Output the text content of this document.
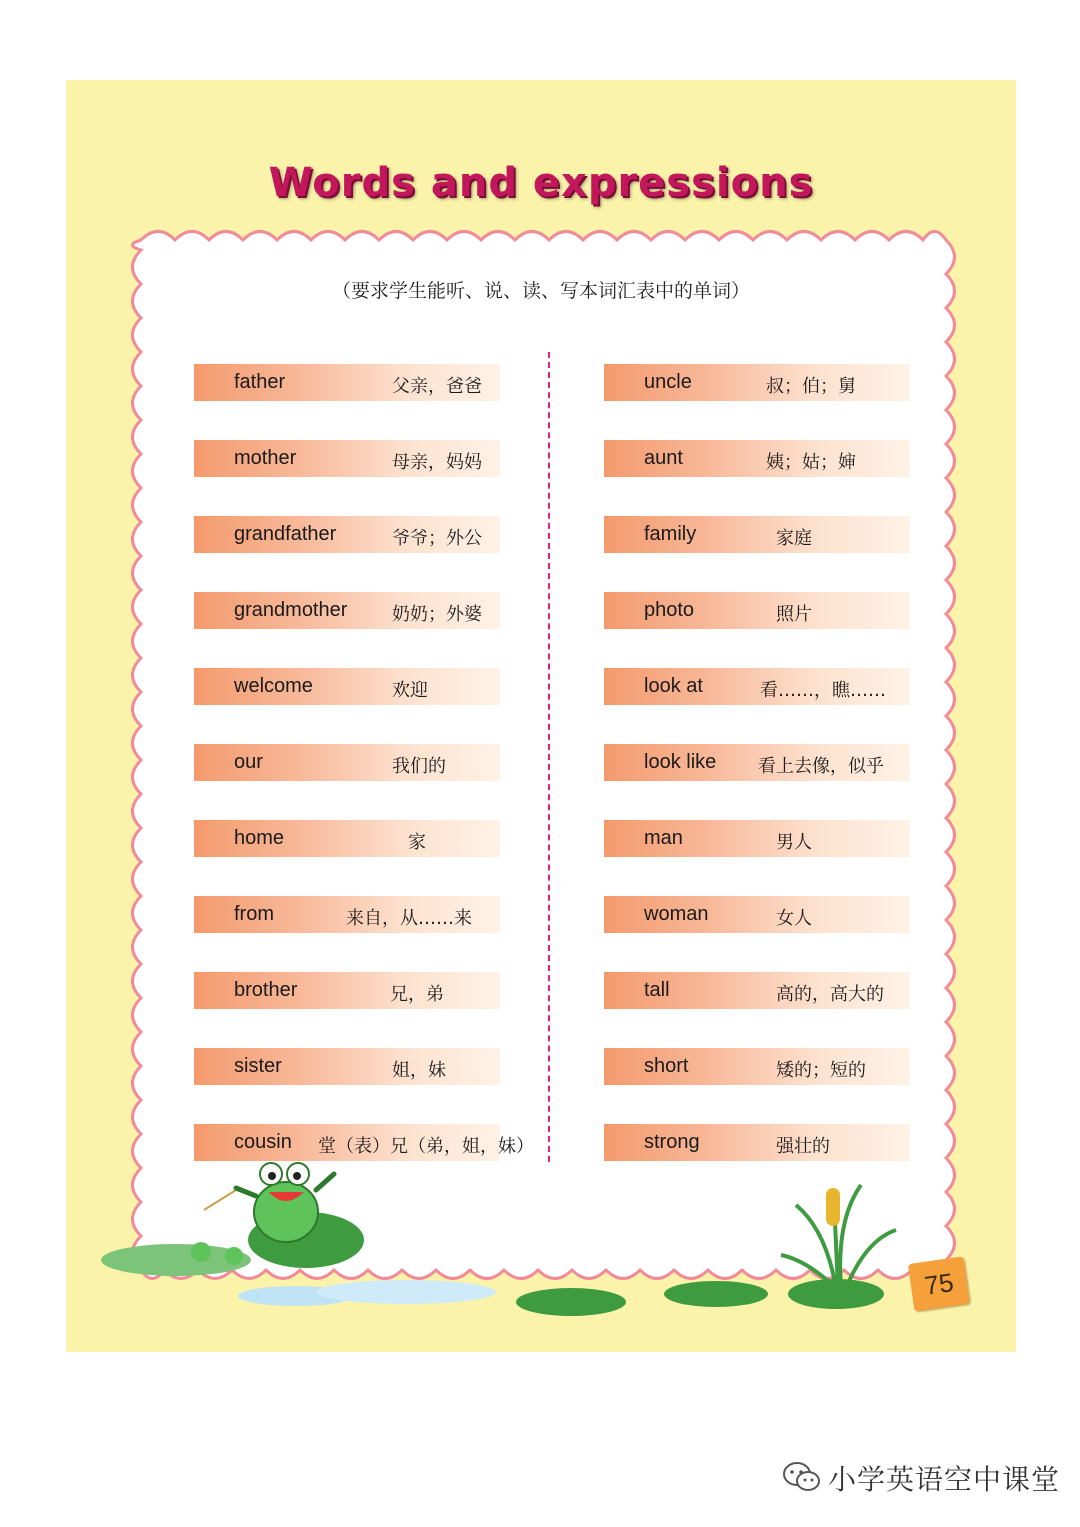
Words and expressions
（要求学生能听、说、读、写本词汇表中的单词）
father	父亲，爸爸
mother	母亲，妈妈
grandfather	爷爷；外公
grandmother 奶奶；外婆
welcome	欢迎
our	我们的
home	家
from	来自，从……来
brother	兄，弟
sister	姐，妹
cousin 堂（表）兄（弟，姐，妹）
uncle	叔；伯；舅
aunt	姨；姑；婶
family	家庭
photo	照片
look at	看……，瞧……
look like 看上去像，似乎
man	男人
woman	女人
tall	高的，高大的
short	矮的；短的
strong	强壮的
75
小学英语空中课堂
